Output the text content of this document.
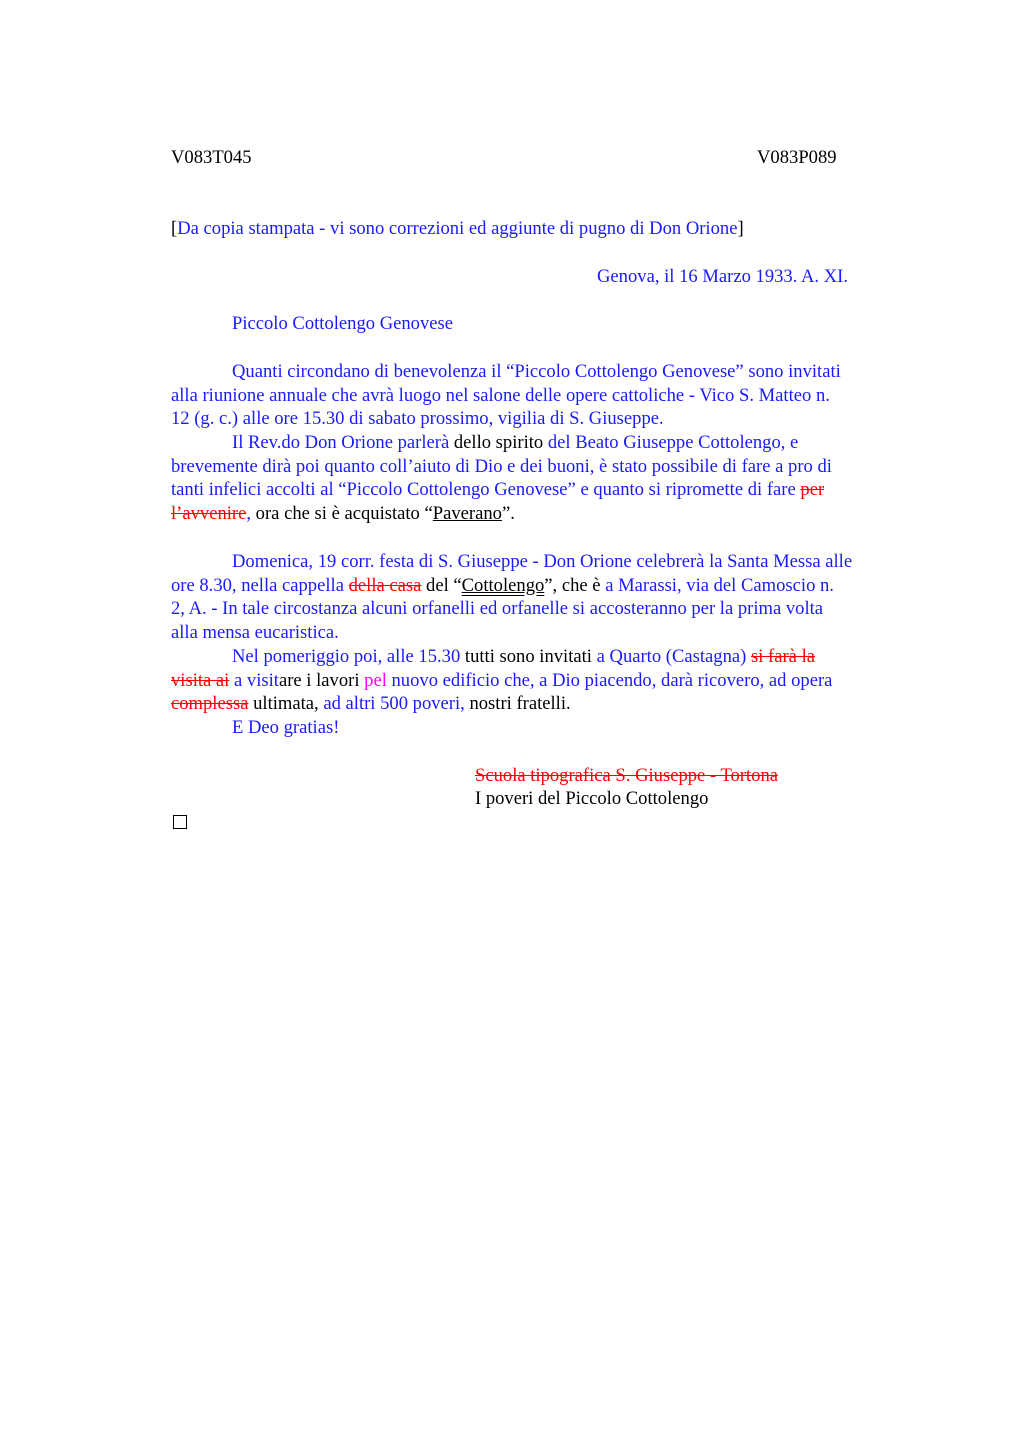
V083T045	V083P089
[Da copia stampata - vi sono correzioni ed aggiunte di pugno di Don Orione]
Genova, il 16 Marzo 1933. A. XI.
Piccolo Cottolengo Genovese
Quanti circondano di benevolenza il “Piccolo Cottolengo Genovese” sono invitati
alla riunione annuale che avrà luogo nel salone delle opere cattoliche - Vico S. Matteo n.
12 (g. c.) alle ore 15.30 di sabato prossimo, vigilia di S. Giuseppe.
Il Rev.do Don Orione parlerà dello spirito del Beato Giuseppe Cottolengo, e
brevemente dirà poi quanto coll’aiuto di Dio e dei buoni, è stato possibile di fare a pro di
tanti infelici accolti al “Piccolo Cottolengo Genovese” e quanto si ripromette di fare per
l’avvenire, ora che si è acquistato “Paverano”.
Domenica, 19 corr. festa di S. Giuseppe - Don Orione celebrerà la Santa Messa alle
ore 8.30, nella cappella della casa del “Cottolengo”, che è a Marassi, via del Camoscio n.
2, A. - In tale circostanza alcuni orfanelli ed orfanelle si accosteranno per la prima volta
alla mensa eucaristica.
Nel pomeriggio poi, alle 15.30 tutti sono invitati a Quarto (Castagna) si farà la
visita ai a visitare i lavori pel nuovo edificio che, a Dio piacendo, darà ricovero, ad opera
complessa ultimata, ad altri 500 poveri, nostri fratelli.
E Deo gratias!
Scuola tipografica S. Giuseppe - Tortona
I poveri del Piccolo Cottolengo
